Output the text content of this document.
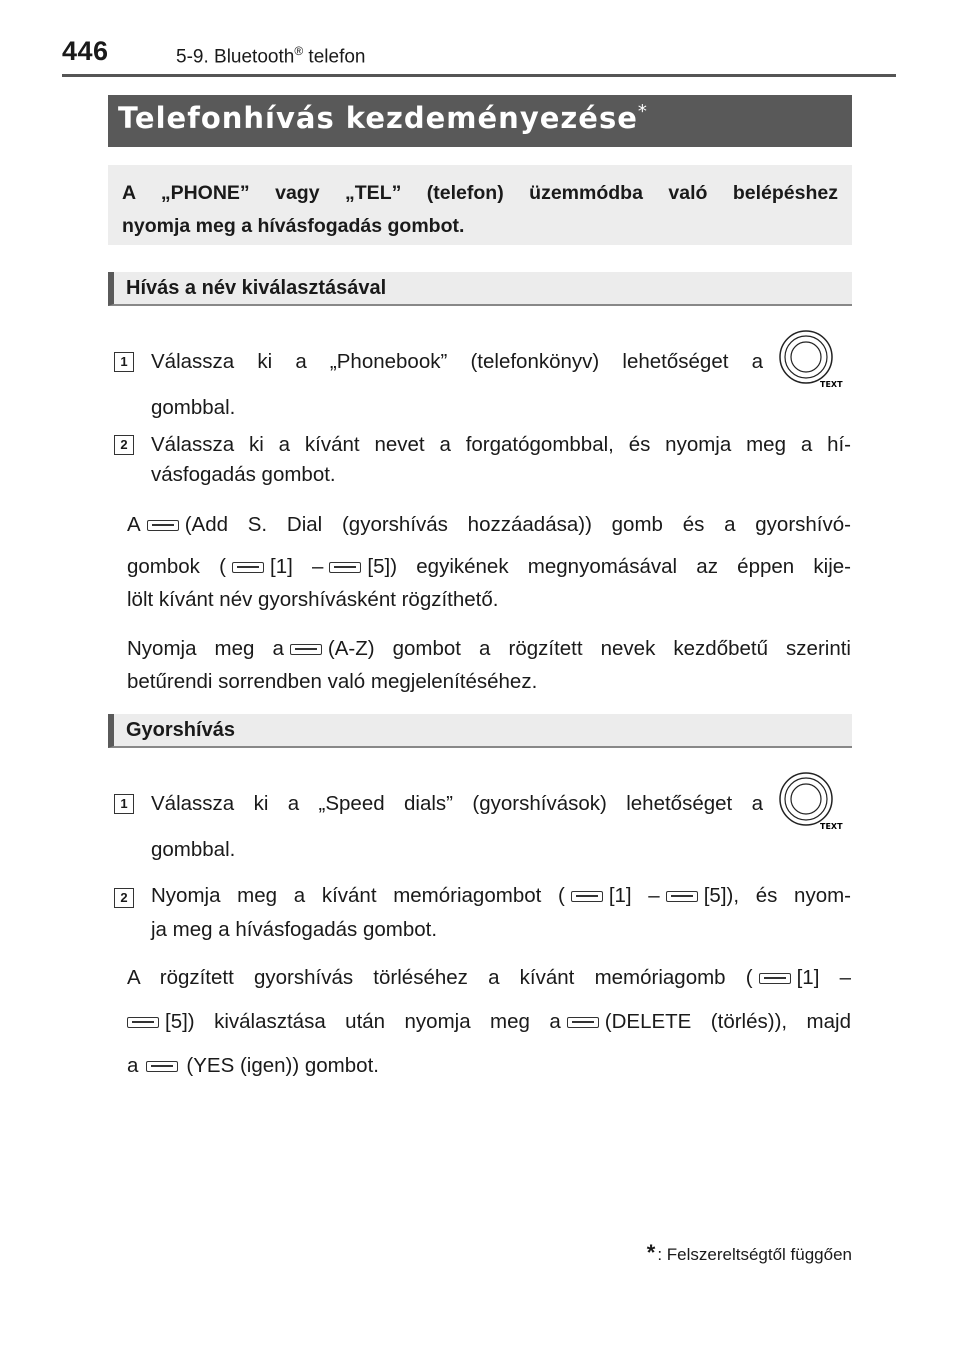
446	5-9. Bluetooth® telefon
Telefonhívás kezdeményezése*
A „PHONE” vagy „TEL” (telefon) üzemmódba való belépéshez
nyomja meg a hívásfogadás gombot.
Hívás a név kiválasztásával
1	Válassza ki a „Phonebook” (telefonkönyv) lehetőséget a
TEXT
gombbal.
2	Válassza ki a kívánt nevet a forgatógombbal, és nyomja meg a hí-
vásfogadás gombot.
A (Add S. Dial (gyorshívás hozzáadása)) gomb és a gyorshívó-
gombok ( [1] – [5]) egyikének megnyomásával az éppen kije-
lölt kívánt név gyorshívásként rögzíthető.
Nyomja meg a (A-Z) gombot a rögzített nevek kezdőbetű szerinti
betűrendi sorrendben való megjelenítéséhez.
Gyorshívás
1	Válassza ki a „Speed dials” (gyorshívások) lehetőséget a
TEXT
gombbal.
2	Nyomja meg a kívánt memóriagombot ( [1] – [5]), és nyom-
ja meg a hívásfogadás gombot.
A rögzített gyorshívás törléséhez a kívánt memóriagomb ( [1] –
[5]) kiválasztása után nyomja meg a (DELETE (törlés)), majd
a (YES (igen)) gombot.
* : Felszereltségtől függően
